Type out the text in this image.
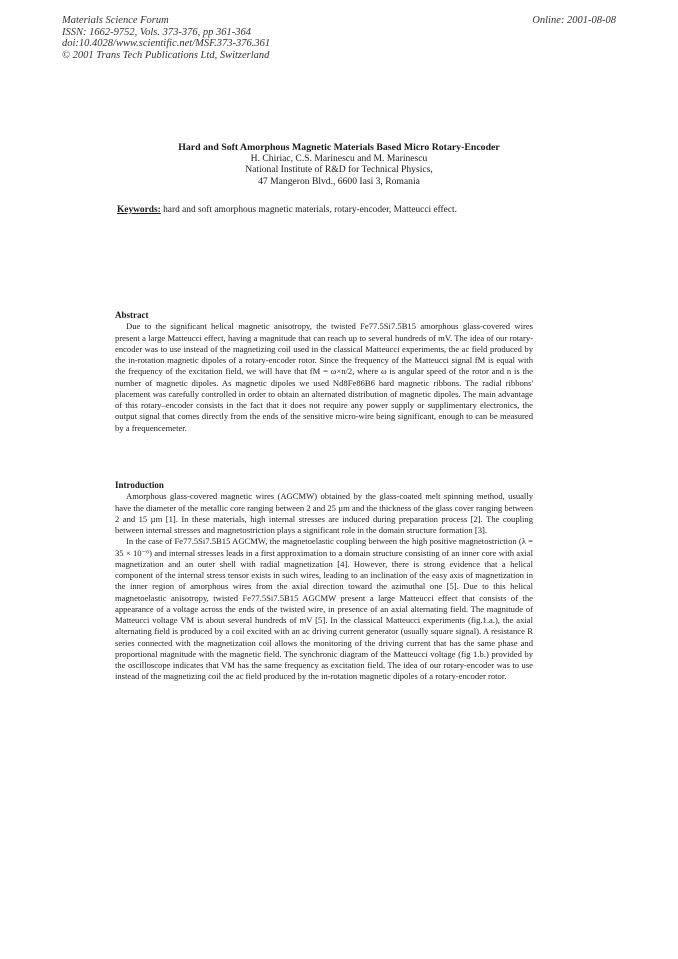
Materials Science Forum
ISSN: 1662-9752, Vols. 373-376, pp 361-364
doi:10.4028/www.scientific.net/MSF.373-376.361
© 2001 Trans Tech Publications Ltd, Switzerland
Online: 2001-08-08
Hard and Soft Amorphous Magnetic Materials Based Micro Rotary-Encoder
H. Chiriac, C.S. Marinescu and M. Marinescu
National Institute of R&D for Technical Physics,
47 Mangeron Blvd., 6600 Iasi 3, Romania
Keywords: hard and soft amorphous magnetic materials, rotary-encoder, Matteucci effect.
Abstract

Due to the significant helical magnetic anisotropy, the twisted Fe77.5Si7.5B15 amorphous glass-covered wires present a large Matteucci effect, having a magnitude that can reach up to several hundreds of mV. The idea of our rotary-encoder was to use instead of the magnetizing coil used in the classical Matteucci experiments, the ac field produced by the in-rotation magnetic dipoles of a rotary-encoder rotor. Since the frequency of the Matteucci signal fM is equal with the frequency of the excitation field, we will have that fM = ω×n/2, where ω is angular speed of the rotor and n is the number of magnetic dipoles. As magnetic dipoles we used Nd8Fe86B6 hard magnetic ribbons. The radial ribbons' placement was carefully controlled in order to obtain an alternated distribution of magnetic dipoles. The main advantage of this rotary–encoder consists in the fact that it does not require any power supply or supplimentary electronics, the output signal that comes directly from the ends of the sensitive micro-wire being significant, enough to can be measured by a frequencemeter.

Introduction

Amorphous glass-covered magnetic wires (AGCMW) obtained by the glass-coated melt spinning method, usually have the diameter of the metallic core ranging between 2 and 25 µm and the thickness of the glass cover ranging between 2 and 15 µm [1]. In these materials, high internal stresses are induced during preparation process [2]. The coupling between internal stresses and magnetostriction plays a significant role in the domain structure formation [3].

In the case of Fe77.5Si7.5B15 AGCMW, the magnetoelastic coupling between the high positive magnetostriction (λ = 35 × 10⁻⁶) and internal stresses leads in a first approximation to a domain structure consisting of an inner core with axial magnetization and an outer shell with radial magnetization [4]. However, there is strong evidence that a helical component of the internal stress tensor exists in such wires, leading to an inclination of the easy axis of magnetization in the inner region of amorphous wires from the axial direction toward the azimuthal one [5]. Due to this helical magnetoelastic anisotropy, twisted Fe77.5Si7.5B15 AGCMW present a large Matteucci effect that consists of the appearance of a voltage across the ends of the twisted wire, in presence of an axial alternating field. The magnitude of Matteucci voltage VM is about several hundreds of mV [5]. In the classical Matteucci experiments (fig.1.a.), the axial alternating field is produced by a coil excited with an ac driving current generator (usually square signal). A resistance R series connected with the magnetization coil allows the monitoring of the driving current that has the same phase and proportional magnitude with the magnetic field. The synchronic diagram of the Matteucci voltage (fig 1.b.) provided by the oscilloscope indicates that VM has the same frequency as excitation field. The idea of our rotary-encoder was to use instead of the magnetizing coil the ac field produced by the in-rotation magnetic dipoles of a rotary-encoder rotor.
